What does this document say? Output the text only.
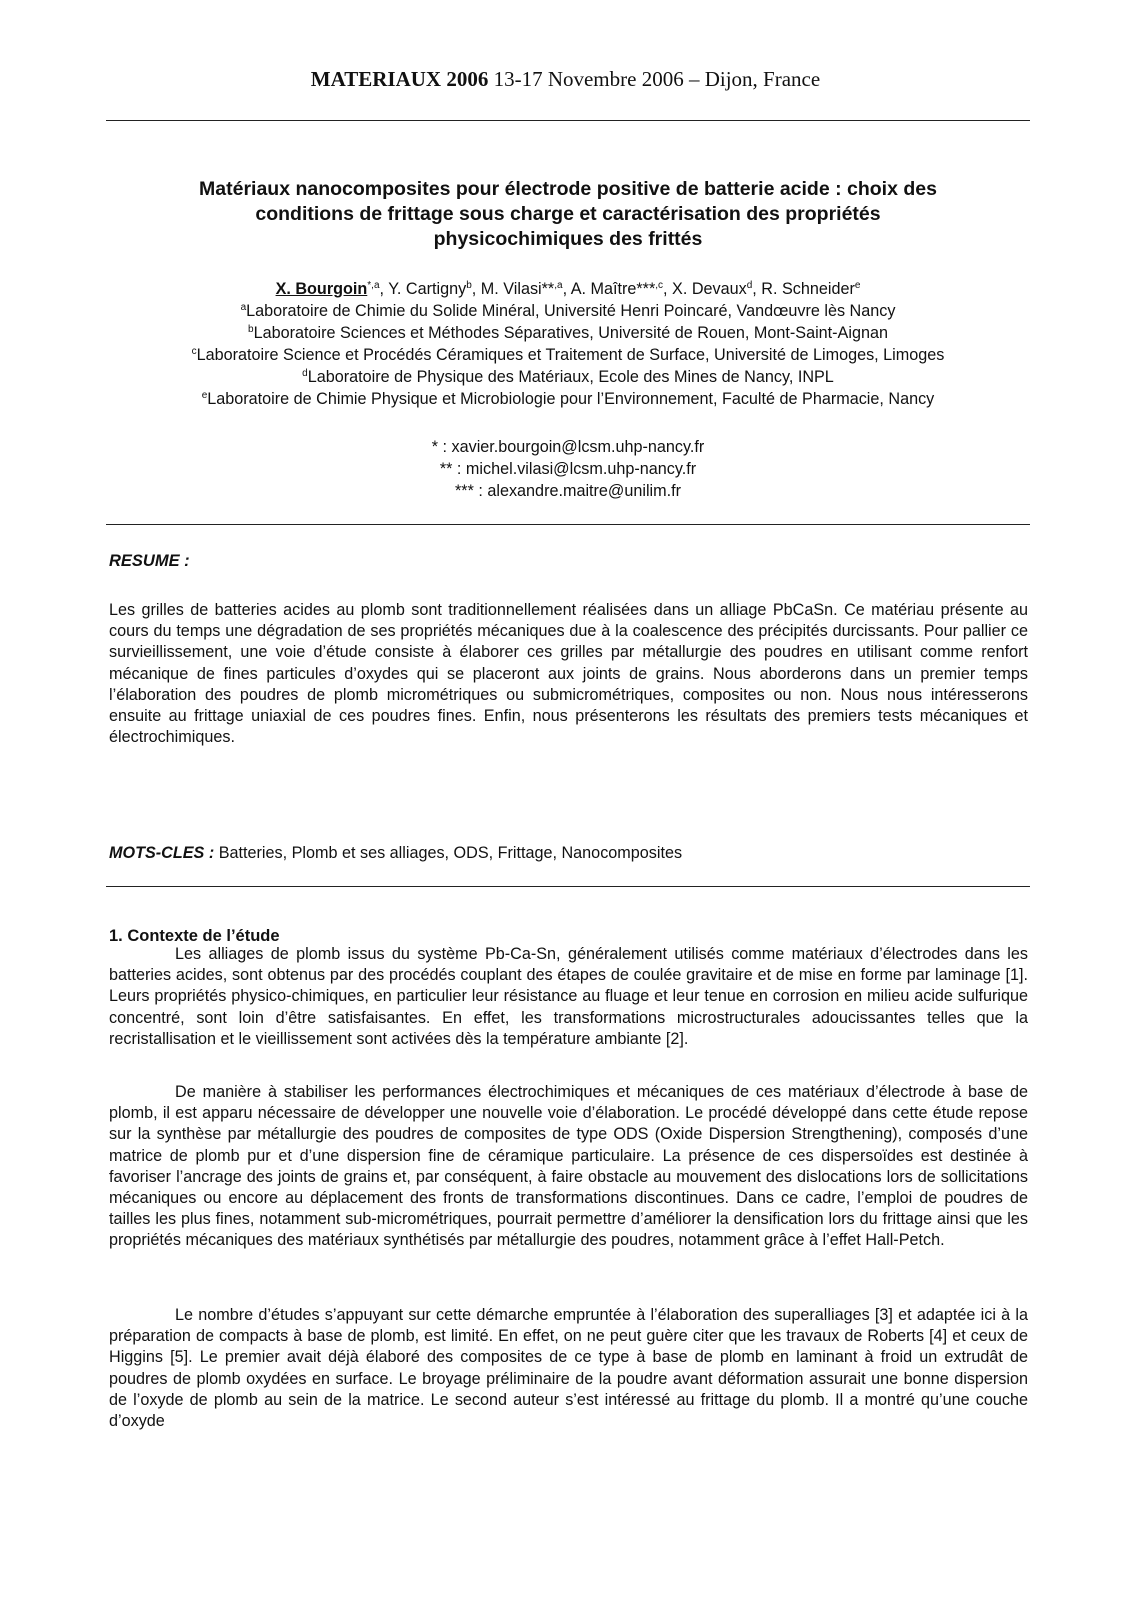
MATERIAUX 2006 13-17 Novembre 2006 – Dijon, France
Matériaux nanocomposites pour électrode positive de batterie acide : choix des
conditions de frittage sous charge et caractérisation des propriétés
physicochimiques des frittés
X. Bourgoin$^{*,a}$, Y. Cartigny$^b$, M. Vilasi**$^{,a}$, A. Maître***$^{,c}$, X. Devaux$^d$, R. Schneider$^e$
$^a$Laboratoire de Chimie du Solide Minéral, Université Henri Poincaré, Vandœuvre lès Nancy
$^b$Laboratoire Sciences et Méthodes Séparatives, Université de Rouen, Mont-Saint-Aignan
$^c$Laboratoire Science et Procédés Céramiques et Traitement de Surface, Université de Limoges, Limoges
$^d$Laboratoire de Physique des Matériaux, Ecole des Mines de Nancy, INPL
$^e$Laboratoire de Chimie Physique et Microbiologie pour l’Environnement, Faculté de Pharmacie, Nancy
* : xavier.bourgoin@lcsm.uhp-nancy.fr
** : michel.vilasi@lcsm.uhp-nancy.fr
*** : alexandre.maitre@unilim.fr
RESUME :

Les grilles de batteries acides au plomb sont traditionnellement réalisées dans un alliage PbCaSn. Ce matériau présente au cours du temps une dégradation de ses propriétés mécaniques due à la coalescence des précipités durcissants. Pour pallier ce survieillissement, une voie d’étude consiste à élaborer ces grilles par métallurgie des poudres en utilisant comme renfort mécanique de fines particules d’oxydes qui se placeront aux joints de grains. Nous aborderons dans un premier temps l’élaboration des poudres de plomb micrométriques ou submicrométriques, composites ou non. Nous nous intéresserons ensuite au frittage uniaxial de ces poudres fines. Enfin, nous présenterons les résultats des premiers tests mécaniques et électrochimiques.

MOTS-CLES : Batteries, Plomb et ses alliages, ODS, Frittage, Nanocomposites
1. Contexte de l’étude

Les alliages de plomb issus du système Pb-Ca-Sn, généralement utilisés comme matériaux d’électrodes dans les batteries acides, sont obtenus par des procédés couplant des étapes de coulée gravitaire et de mise en forme par laminage [1]. Leurs propriétés physico-chimiques, en particulier leur résistance au fluage et leur tenue en corrosion en milieu acide sulfurique concentré, sont loin d’être satisfaisantes. En effet, les transformations microstructurales adoucissantes telles que la recristallisation et le vieillissement sont activées dès la température ambiante [2].

De manière à stabiliser les performances électrochimiques et mécaniques de ces matériaux d’électrode à base de plomb, il est apparu nécessaire de développer une nouvelle voie d’élaboration. Le procédé développé dans cette étude repose sur la synthèse par métallurgie des poudres de composites de type ODS (Oxide Dispersion Strengthening), composés d’une matrice de plomb pur et d’une dispersion fine de céramique particulaire. La présence de ces dispersoïdes est destinée à favoriser l’ancrage des joints de grains et, par conséquent, à faire obstacle au mouvement des dislocations lors de sollicitations mécaniques ou encore au déplacement des fronts de transformations discontinues. Dans ce cadre, l’emploi de poudres de tailles les plus fines, notamment sub-micrométriques, pourrait permettre d’améliorer la densification lors du frittage ainsi que les propriétés mécaniques des matériaux synthétisés par métallurgie des poudres, notamment grâce à l’effet Hall-Petch.

Le nombre d’études s’appuyant sur cette démarche empruntée à l’élaboration des superalliages [3] et adaptée ici à la préparation de compacts à base de plomb, est limité. En effet, on ne peut guère citer que les travaux de Roberts [4] et ceux de Higgins [5]. Le premier avait déjà élaboré des composites de ce type à base de plomb en laminant à froid un extrudât de poudres de plomb oxydées en surface. Le broyage préliminaire de la poudre avant déformation assurait une bonne dispersion de l’oxyde de plomb au sein de la matrice. Le second auteur s’est intéressé au frittage du plomb. Il a montré qu’une couche d’oxyde
